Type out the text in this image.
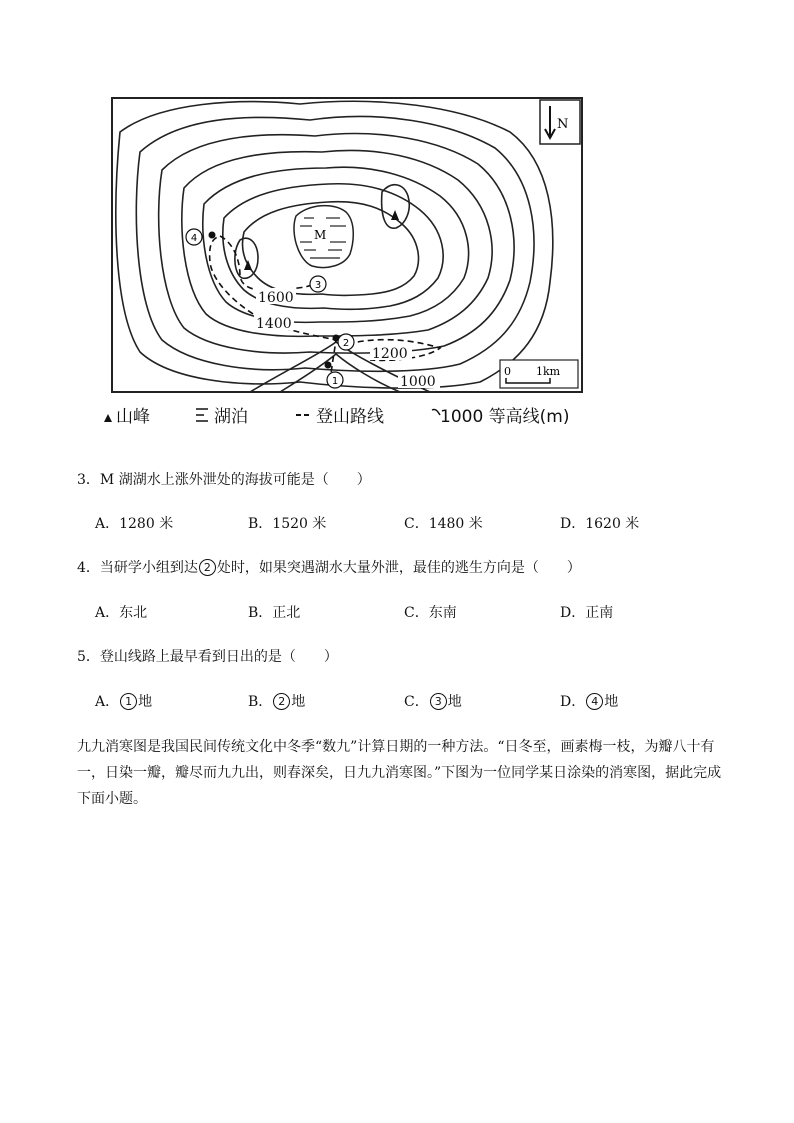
N
M
1
2
3
4
1600
1400
1200
1000
0 1km
山峰	湖泊	登山路线	1000 等高线(m)
3．M 湖湖水上涨外泄处的海拔可能是（　　）
A．1280 米	B．1520 米	C．1480 米	D．1620 米
4．当研学小组到达 2 处时，如果突遇湖水大量外泄，最佳的逃生方向是（　　）
A．东北	B．正北	C．东南	D．正南
5．登山线路上最早看到日出的是（　　）
A． 1 地	B． 2 地	C． 3 地	D． 4 地
九九消寒图是我国民间传统文化中冬季“数九”计算日期的一种方法。“日冬至，画素梅一枝，为瓣八十有一，日染一瓣，瓣尽而九九出，则春深矣，日九九消寒图。”下图为一位同学某日涂染的消寒图，据此完成下面小题。
